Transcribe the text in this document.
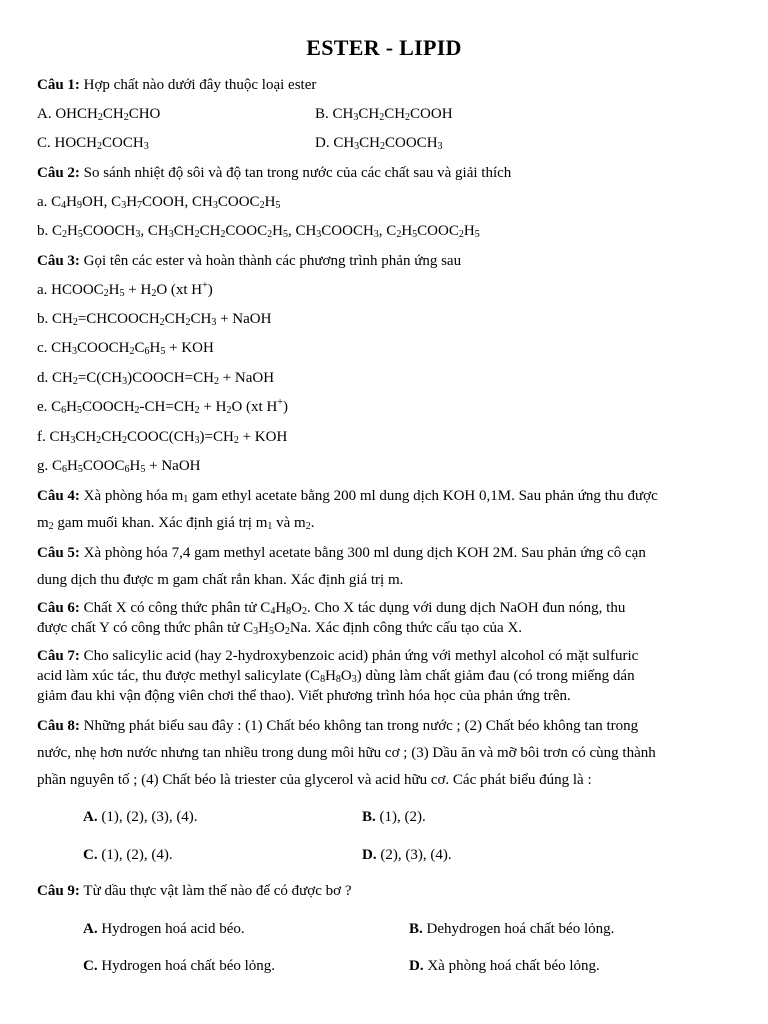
ESTER - LIPID
Câu 1: Hợp chất nào dưới đây thuộc loại ester
A. $OHCH_2CH_2CHO$	B. $CH_3CH_2CH_2COOH$
C. $HOCH_2COCH_3$	D. $CH_3CH_2COOCH_3$
Câu 2: So sánh nhiệt độ sôi và độ tan trong nước của các chất sau và giải thích
a. $C_4H_9OH$, $C_3H_7COOH$, $CH_3COOC_2H_5$
b. $C_2H_5COOCH_3$, $CH_3CH_2CH_2COOC_2H_5$, $CH_3COOCH_3$, $C_2H_5COOC_2H_5$
Câu 3: Gọi tên các ester và hoàn thành các phương trình phản ứng sau
a. $HCOOC_2H_5 + H_2O$ (xt H+)
b. $CH_2=CHCOOCH_2CH_2CH_3$ + NaOH
c. $CH_3COOCH_2C_6H_5$ + KOH
d. $CH_2=C(CH_3)COOCH=CH_2$ + NaOH
e. $C_6H_5COOCH_2-CH=CH_2 + H_2O$ (xt H+)
f. $CH_3CH_2CH_2COOC(CH_3)=CH_2$ + KOH
g. $C_6H_5COOC_6H_5$ + NaOH
Câu 4: Xà phòng hóa $m_1$ gam ethyl acetate bằng 200 ml dung dịch KOH 0,1M. Sau phản ứng thu được
$m_2$ gam muối khan. Xác định giá trị $m_1$ và $m_2$.
Câu 5: Xà phòng hóa 7,4 gam methyl acetate bằng 300 ml dung dịch KOH 2M. Sau phản ứng cô cạn
dung dịch thu được m gam chất rắn khan. Xác định giá trị m.
Câu 6: Chất X có công thức phân tử $C_4H_8O_2$. Cho X tác dụng với dung dịch NaOH đun nóng, thu
được chất Y có công thức phân tử $C_3H_5O_2Na$. Xác định công thức cấu tạo của X.
Câu 7: Cho salicylic acid (hay 2-hydroxybenzoic acid) phản ứng với methyl alcohol có mặt sulfuric
acid làm xúc tác, thu được methyl salicylate $(C_8H_8O_3)$ dùng làm chất giảm đau (có trong miếng dán
giảm đau khi vận động viên chơi thể thao). Viết phương trình hóa học của phản ứng trên.
Câu 8: Những phát biểu sau đây : (1) Chất béo không tan trong nước ; (2) Chất béo không tan trong
nước, nhẹ hơn nước nhưng tan nhiều trong dung môi hữu cơ ; (3) Dầu ăn và mỡ bôi trơn có cùng thành
phần nguyên tố ; (4) Chất béo là triester của glycerol và acid hữu cơ. Các phát biểu đúng là :
A. (1), (2), (3), (4).	B. (1), (2).
C. (1), (2), (4).	D. (2), (3), (4).
Câu 9: Từ dầu thực vật làm thế nào để có được bơ ?
A. Hydrogen hoá acid béo.	B. Dehydrogen hoá chất béo lỏng.
C. Hydrogen hoá chất béo lỏng.	D. Xà phòng hoá chất béo lỏng.
